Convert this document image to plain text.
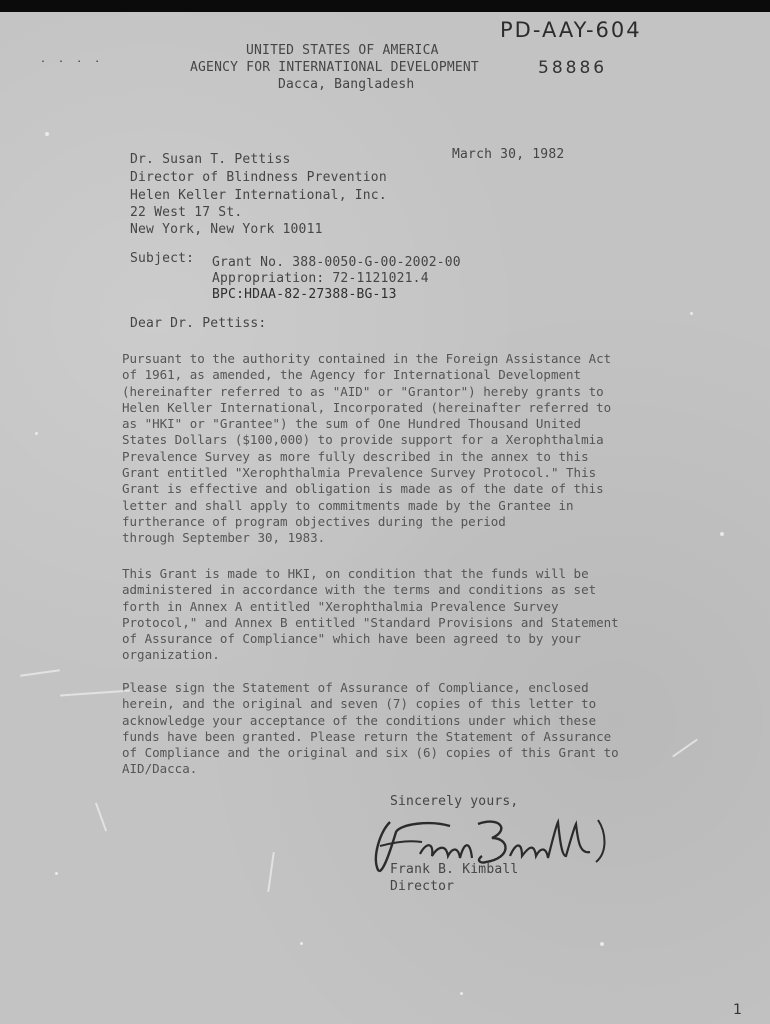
. . . .
PD-AAY-604
58886
UNITED STATES OF AMERICA
AGENCY FOR INTERNATIONAL DEVELOPMENT
Dacca, Bangladesh
March 30, 1982
Dr. Susan T. Pettiss
Director of Blindness Prevention
Helen Keller International, Inc.
22 West 17 St.
New York, New York 10011
Subject: Grant No. 388-0050-G-00-2002-00
Appropriation: 72-1121021.4
BPC:HDAA-82-27388-BG-13
Dear Dr. Pettiss:
Pursuant to the authority contained in the Foreign Assistance Act
of 1961, as amended, the Agency for International Development
(hereinafter referred to as "AID" or "Grantor") hereby grants to
Helen Keller International, Incorporated (hereinafter referred to
as "HKI" or "Grantee") the sum of One Hundred Thousand United
States Dollars ($100,000) to provide support for a Xerophthalmia
Prevalence Survey as more fully described in the annex to this
Grant entitled "Xerophthalmia Prevalence Survey Protocol." This
Grant is effective and obligation is made as of the date of this
letter and shall apply to commitments made by the Grantee in
furtherance of program objectives during the period
through September 30, 1983.
This Grant is made to HKI, on condition that the funds will be
administered in accordance with the terms and conditions as set
forth in Annex A entitled "Xerophthalmia Prevalence Survey
Protocol," and Annex B entitled "Standard Provisions and Statement
of Assurance of Compliance" which have been agreed to by your
organization.
Please sign the Statement of Assurance of Compliance, enclosed
herein, and the original and seven (7) copies of this letter to
acknowledge your acceptance of the conditions under which these
funds have been granted. Please return the Statement of Assurance
of Compliance and the original and six (6) copies of this Grant to
AID/Dacca.
Sincerely yours,
Frank B. Kimball
Director
1
